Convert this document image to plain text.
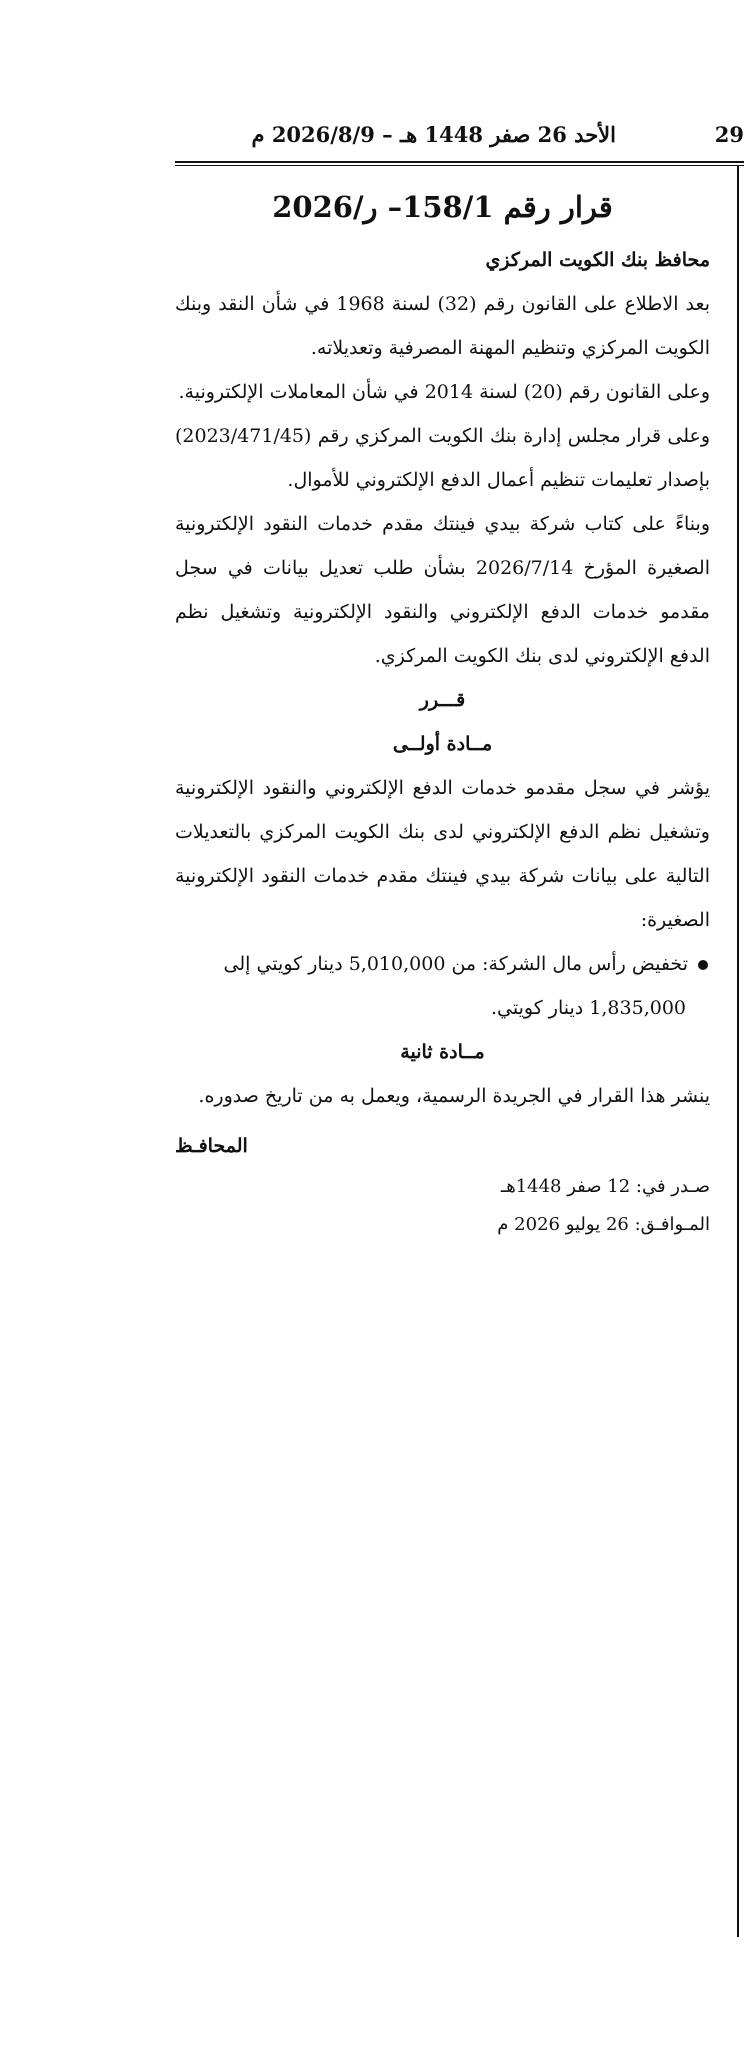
29
الأحد 26 صفر 1448 هـ – 2026/8/9 م

قرار رقم 158/1– ر/2026

محافظ بنك الكويت المركزي

بعد الاطلاع على القانون رقم (32) لسنة 1968 في شأن النقد وبنك الكويت المركزي وتنظيم المهنة المصرفية وتعديلاته.

وعلى القانون رقم (20) لسنة 2014 في شأن المعاملات الإلكترونية.

وعلى قرار مجلس إدارة بنك الكويت المركزي رقم (2023/471/45) بإصدار تعليمات تنظيم أعمال الدفع الإلكتروني للأموال.

وبناءً على كتاب شركة بيدي فينتك مقدم خدمات النقود الإلكترونية الصغيرة المؤرخ 2026/7/14 بشأن طلب تعديل بيانات في سجل مقدمو خدمات الدفع الإلكتروني والنقود الإلكترونية وتشغيل نظم الدفع الإلكتروني لدى بنك الكويت المركزي.

قـــرر

مــادة أولــى

يؤشر في سجل مقدمو خدمات الدفع الإلكتروني والنقود الإلكترونية وتشغيل نظم الدفع الإلكتروني لدى بنك الكويت المركزي بالتعديلات التالية على بيانات شركة بيدي فينتك مقدم خدمات النقود الإلكترونية الصغيرة:

تخفيض رأس مال الشركة: من 5,010,000 دينار كويتي إلى

1,835,000 دينار كويتي.

مــادة ثانية

ينشر هذا القرار في الجريدة الرسمية، ويعمل به من تاريخ صدوره.

المحافـظ

صـدر في: 12 صفر 1448هـ

المـوافـق: 26 يوليو 2026 م
